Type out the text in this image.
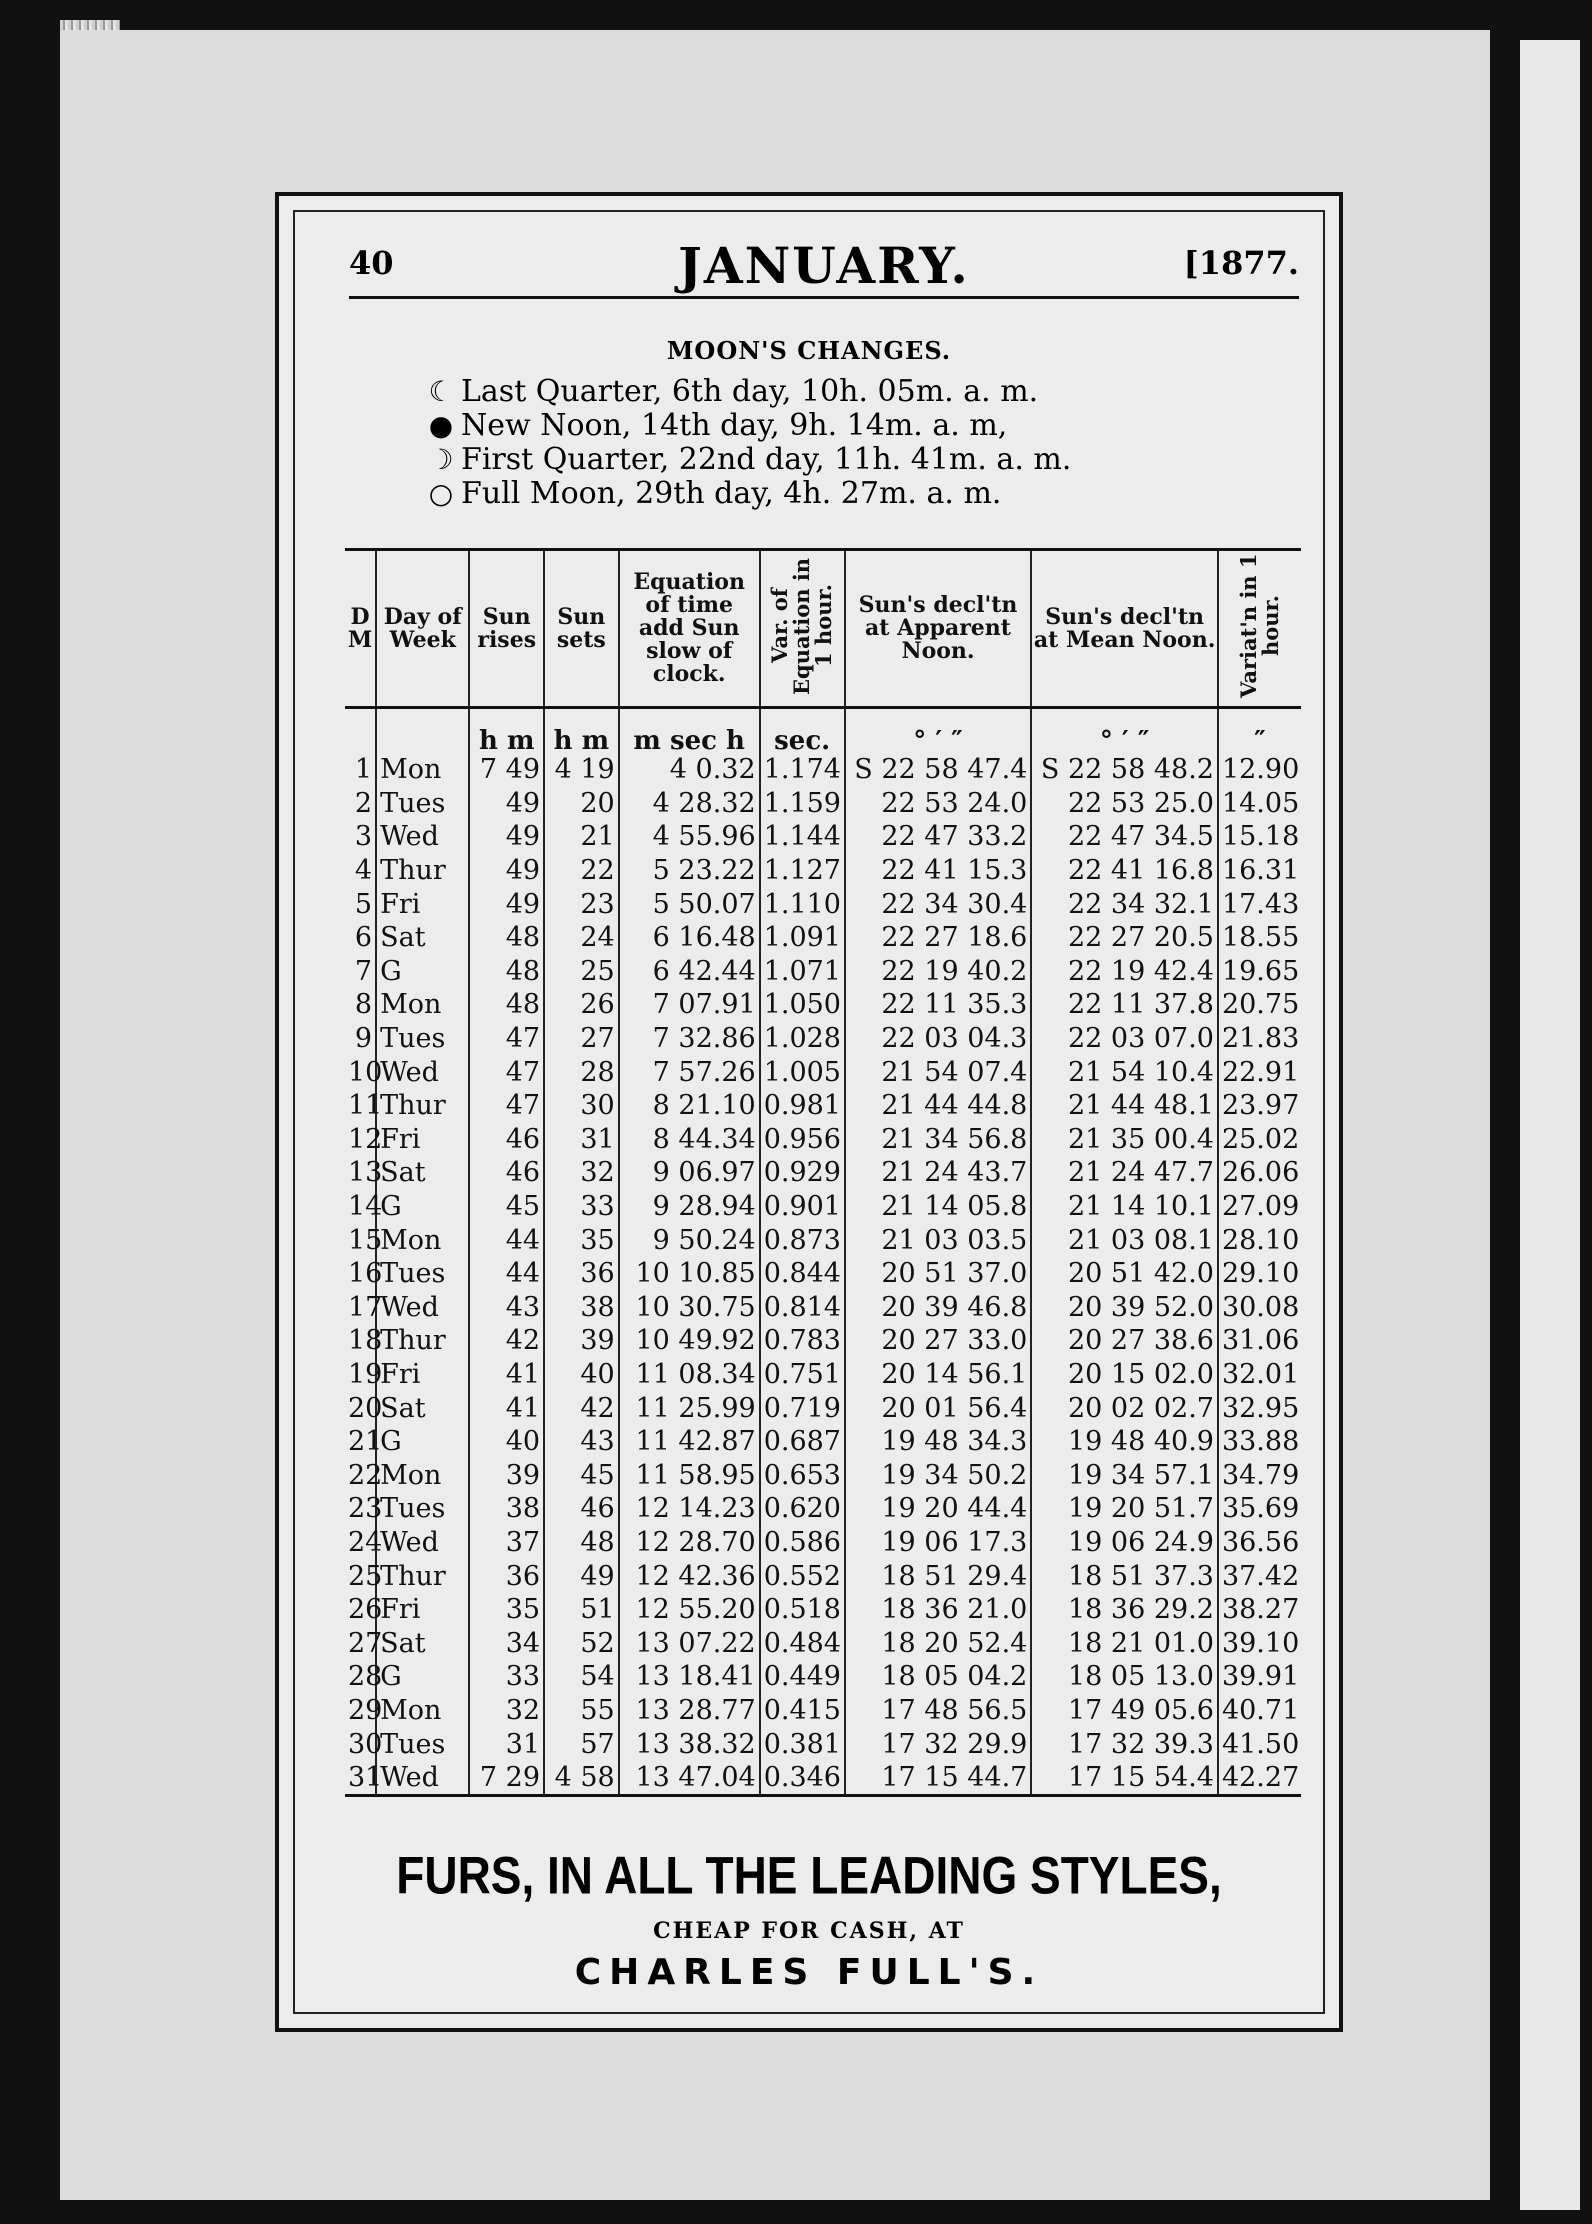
40	JANUARY.	[1877.
MOON'S CHANGES.
☾ Last Quarter, 6th day, 10h. 05m. a. m.
● New Noon, 14th day, 9h. 14m. a. m,
☽ First Quarter, 22nd day, 11h. 41m. a. m.
○ Full Moon, 29th day, 4h. 27m. a. m.
D M	Day of Week	Sun rises	Sun sets	Equation of time add Sun slow of clock.	Var. of Equation in 1 hour.	Sun's decl'tn at Apparent Noon.	Sun's decl'tn at Mean Noon.	Variat'n in 1 hour.
		h m	h m	m sec h	sec.	° ′ ″	° ′ ″	″
1	Mon	7 49	4 19	4 0.32	1.174	S 22 58 47.4	S 22 58 48.2	12.90
2	Tues	49	20	4 28.32	1.159	22 53 24.0	22 53 25.0	14.05
3	Wed	49	21	4 55.96	1.144	22 47 33.2	22 47 34.5	15.18
4	Thur	49	22	5 23.22	1.127	22 41 15.3	22 41 16.8	16.31
5	Fri	49	23	5 50.07	1.110	22 34 30.4	22 34 32.1	17.43
6	Sat	48	24	6 16.48	1.091	22 27 18.6	22 27 20.5	18.55
7	G	48	25	6 42.44	1.071	22 19 40.2	22 19 42.4	19.65
8	Mon	48	26	7 07.91	1.050	22 11 35.3	22 11 37.8	20.75
9	Tues	47	27	7 32.86	1.028	22 03 04.3	22 03 07.0	21.83
10	Wed	47	28	7 57.26	1.005	21 54 07.4	21 54 10.4	22.91
11	Thur	47	30	8 21.10	0.981	21 44 44.8	21 44 48.1	23.97
12	Fri	46	31	8 44.34	0.956	21 34 56.8	21 35 00.4	25.02
13	Sat	46	32	9 06.97	0.929	21 24 43.7	21 24 47.7	26.06
14	G	45	33	9 28.94	0.901	21 14 05.8	21 14 10.1	27.09
15	Mon	44	35	9 50.24	0.873	21 03 03.5	21 03 08.1	28.10
16	Tues	44	36	10 10.85	0.844	20 51 37.0	20 51 42.0	29.10
17	Wed	43	38	10 30.75	0.814	20 39 46.8	20 39 52.0	30.08
18	Thur	42	39	10 49.92	0.783	20 27 33.0	20 27 38.6	31.06
19	Fri	41	40	11 08.34	0.751	20 14 56.1	20 15 02.0	32.01
20	Sat	41	42	11 25.99	0.719	20 01 56.4	20 02 02.7	32.95
21	G	40	43	11 42.87	0.687	19 48 34.3	19 48 40.9	33.88
22	Mon	39	45	11 58.95	0.653	19 34 50.2	19 34 57.1	34.79
23	Tues	38	46	12 14.23	0.620	19 20 44.4	19 20 51.7	35.69
24	Wed	37	48	12 28.70	0.586	19 06 17.3	19 06 24.9	36.56
25	Thur	36	49	12 42.36	0.552	18 51 29.4	18 51 37.3	37.42
26	Fri	35	51	12 55.20	0.518	18 36 21.0	18 36 29.2	38.27
27	Sat	34	52	13 07.22	0.484	18 20 52.4	18 21 01.0	39.10
28	G	33	54	13 18.41	0.449	18 05 04.2	18 05 13.0	39.91
29	Mon	32	55	13 28.77	0.415	17 48 56.5	17 49 05.6	40.71
30	Tues	31	57	13 38.32	0.381	17 32 29.9	17 32 39.3	41.50
31	Wed	7 29	4 58	13 47.04	0.346	17 15 44.7	17 15 54.4	42.27
FURS, IN ALL THE LEADING STYLES,
CHEAP FOR CASH, AT
CHARLES FULL'S.
